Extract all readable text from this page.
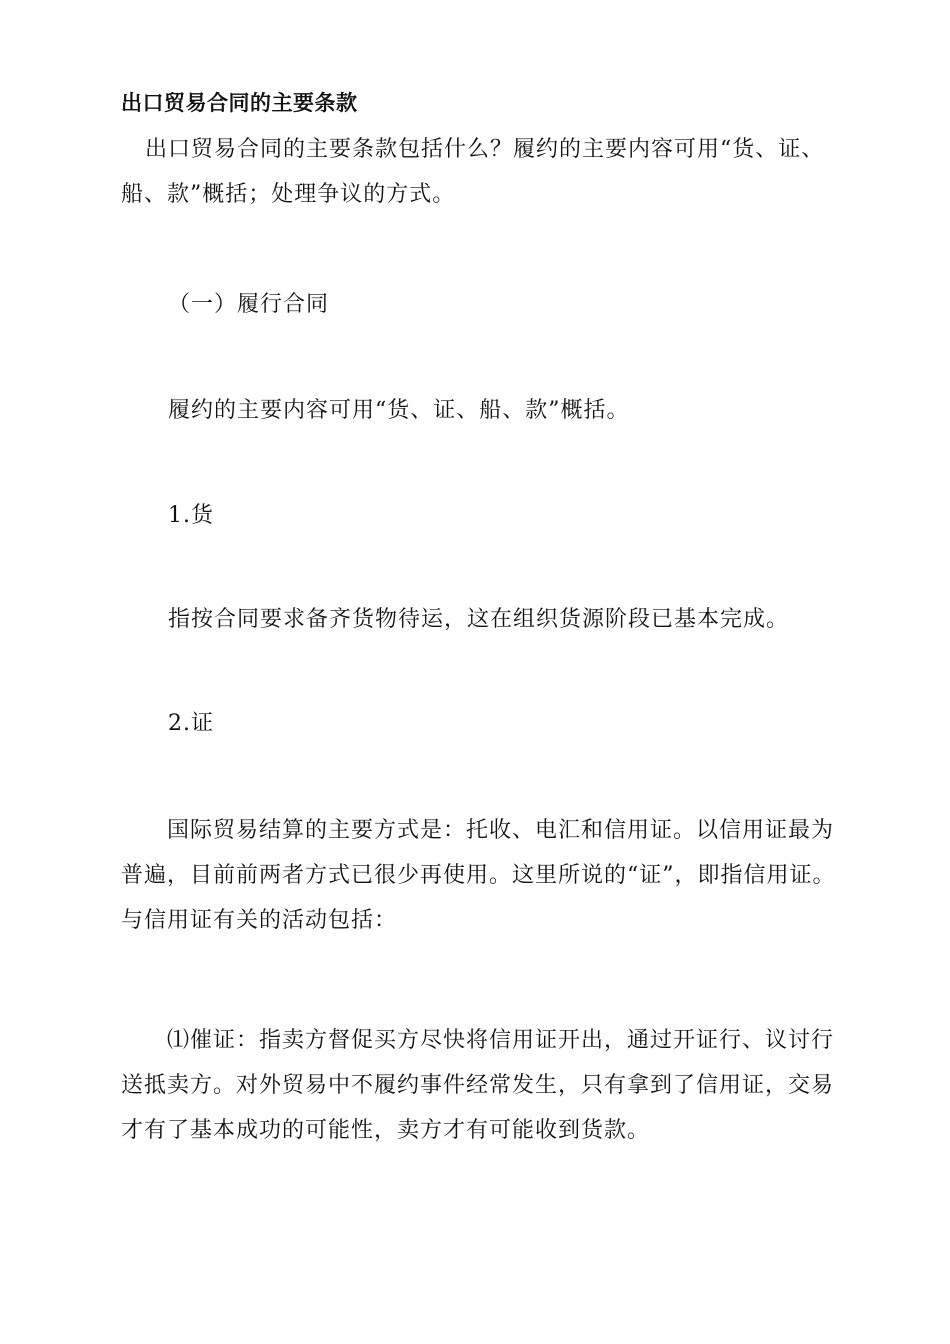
出口贸易合同的主要条款

出口贸易合同的主要条款包括什么？履约的主要内容可用“货、证、 船、款”概括；处理争议的方式。

（一）履行合同
履约的主要内容可用“货、证、船、款”概括。
1.货
指按合同要求备齐货物待运，这在组织货源阶段已基本完成。
2.证

国际贸易结算的主要方式是：托收、电汇和信用证。以信用证最为普遍，目前前两者方式已很少再使用。这里所说的“证”，即指信用证。与信用证有关的活动包括：

⑴催证：指卖方督促买方尽快将信用证开出，通过开证行、议讨行送抵卖方。对外贸易中不履约事件经常发生，只有拿到了信用证，交易才有了基本成功的可能性，卖方才有可能收到货款。
